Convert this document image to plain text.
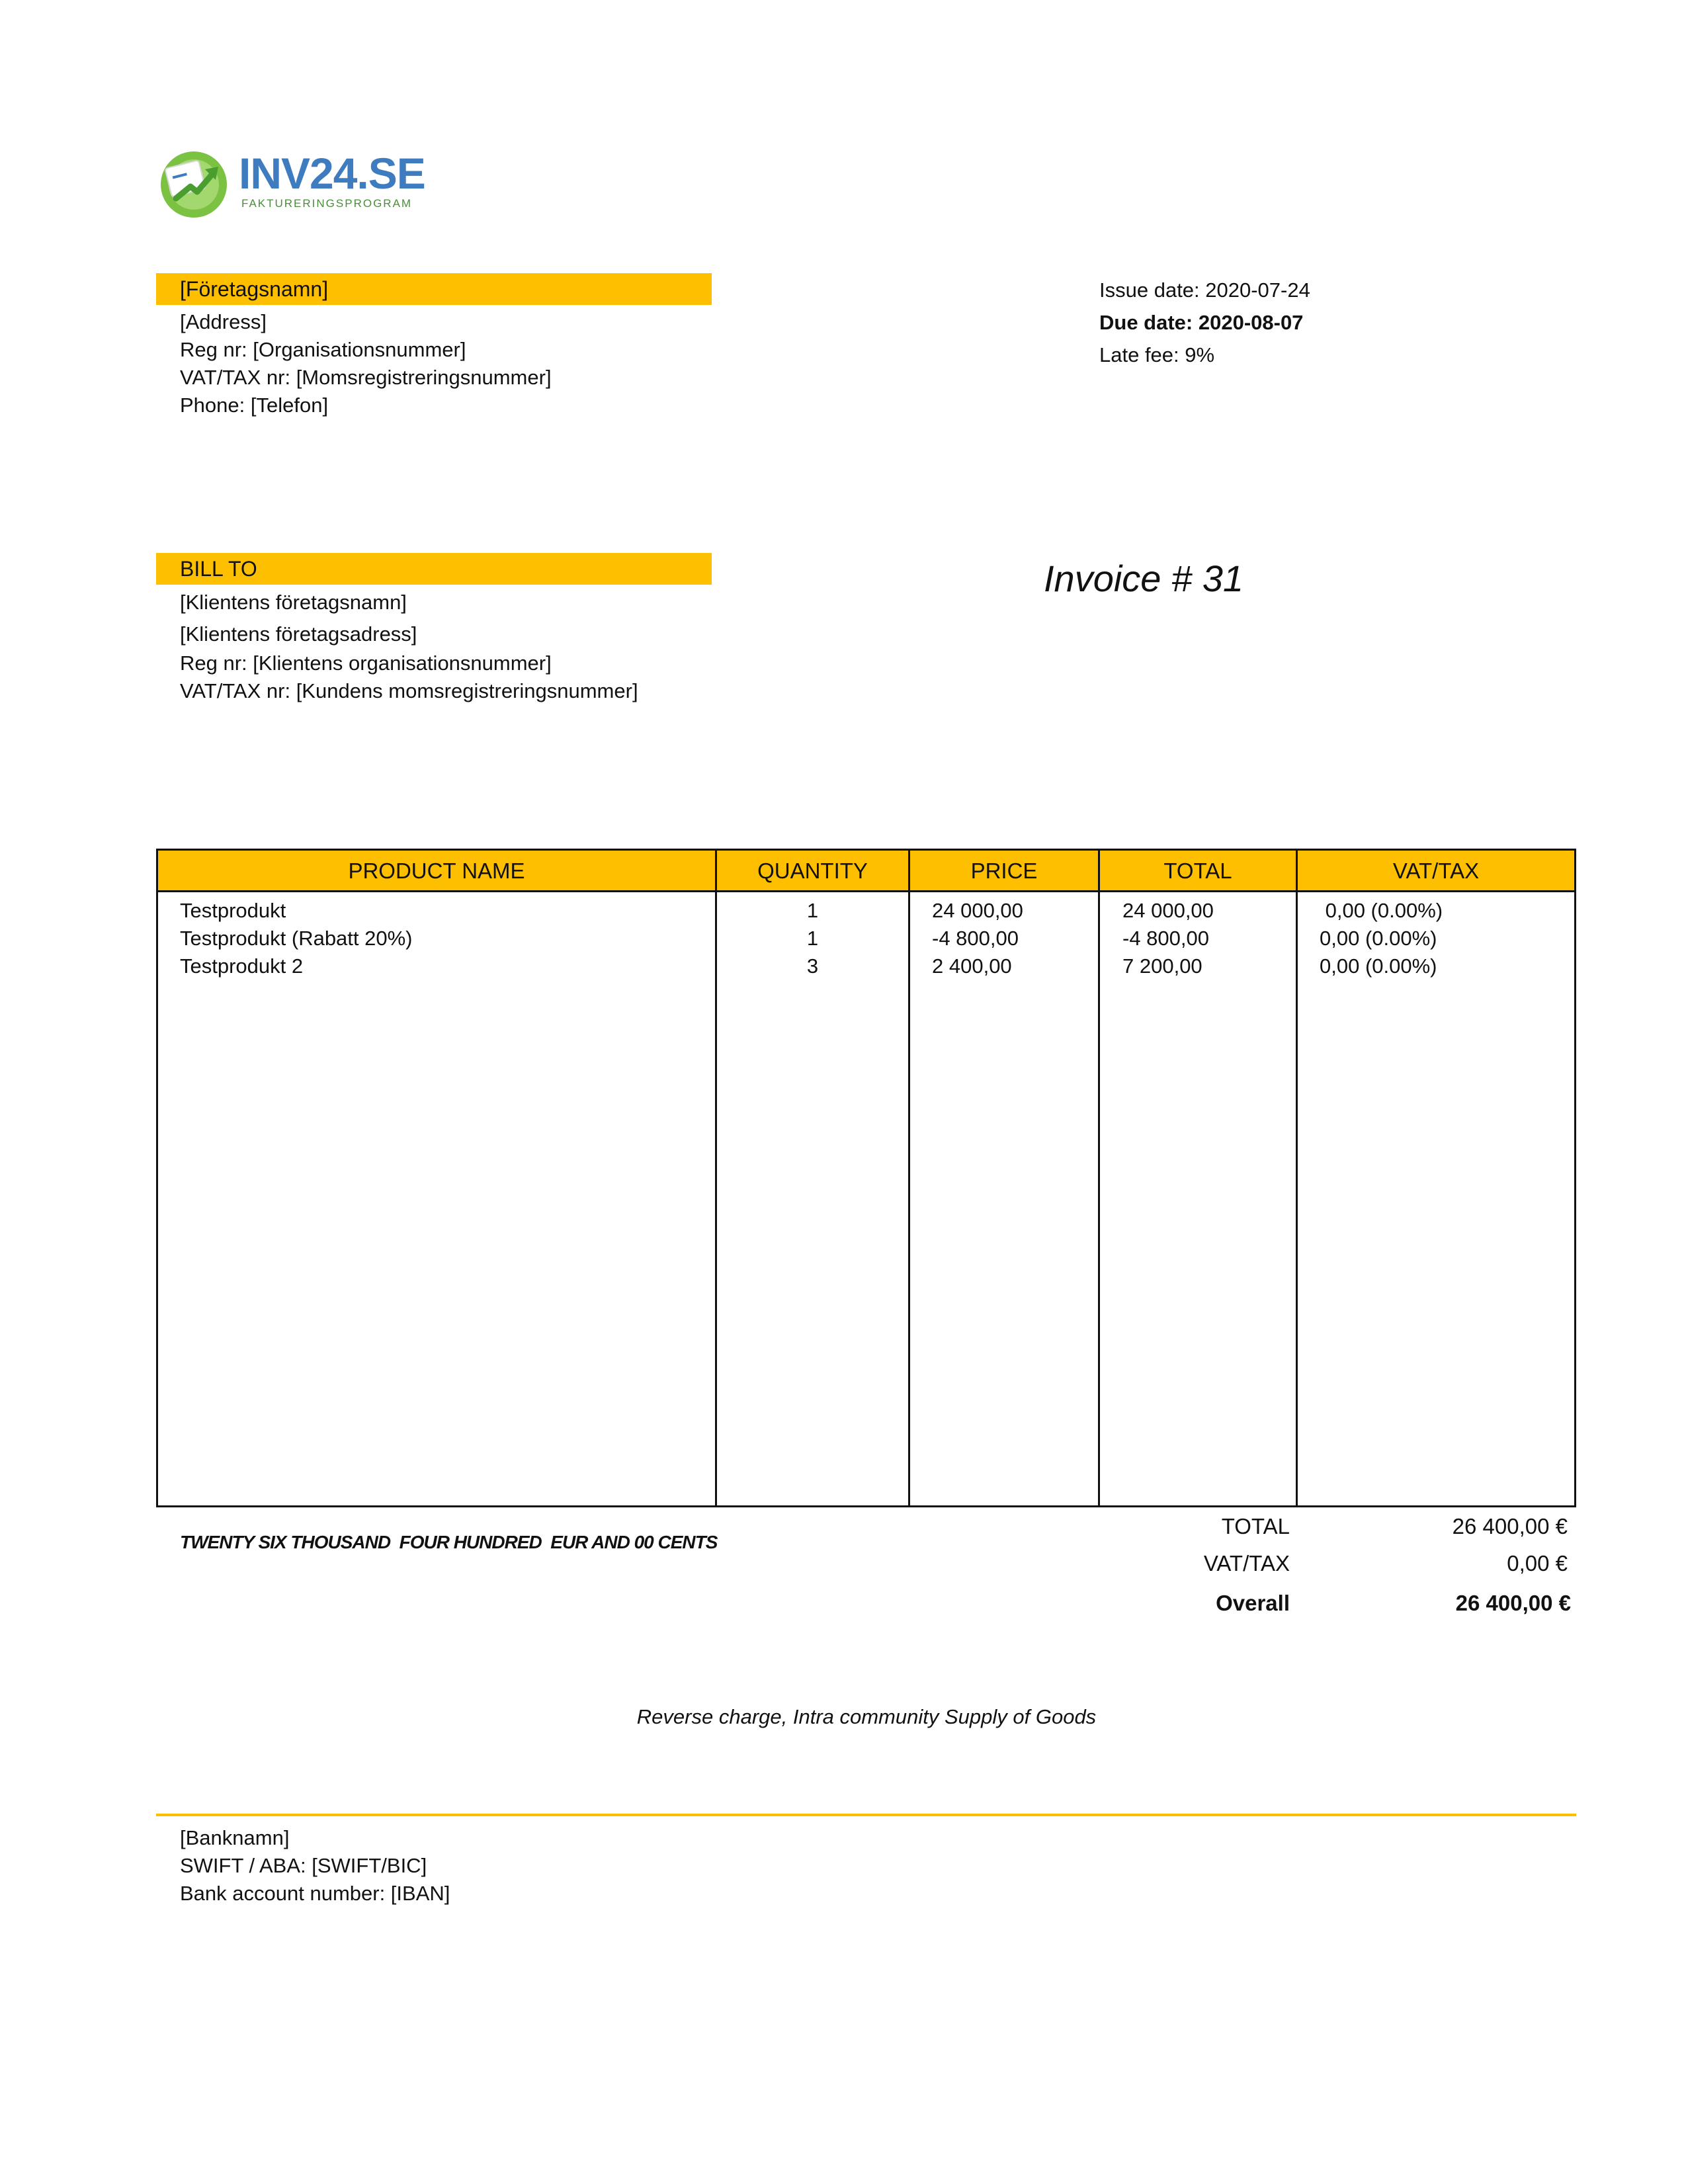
INV24.SE
FAKTURERINGSPROGRAM
[Företagsnamn]
[Address]
Reg nr: [Organisationsnummer]
VAT/TAX nr: [Momsregistreringsnummer]
Phone: [Telefon]
Issue date: 2020-07-24
Due date: 2020-08-07
Late fee: 9%
BILL TO
[Klientens företagsnamn]
[Klientens företagsadress]
Reg nr: [Klientens organisationsnummer]
VAT/TAX nr: [Kundens momsregistreringsnummer]
Invoice # 31
PRODUCT NAME	QUANTITY	PRICE	TOTAL	VAT/TAX
Testprodukt	1	24 000,00	24 000,00	0,00 (0.00%)
Testprodukt (Rabatt 20%)	1	-4 800,00	-4 800,00	0,00 (0.00%)
Testprodukt 2	3	2 400,00	7 200,00	0,00 (0.00%)
TWENTY SIX THOUSAND  FOUR HUNDRED  EUR AND 00 CENTS
TOTAL	26 400,00 €
VAT/TAX	0,00 €
Overall	26 400,00 €
Reverse charge, Intra community Supply of Goods
[Banknamn]
SWIFT / ABA: [SWIFT/BIC]
Bank account number: [IBAN]
